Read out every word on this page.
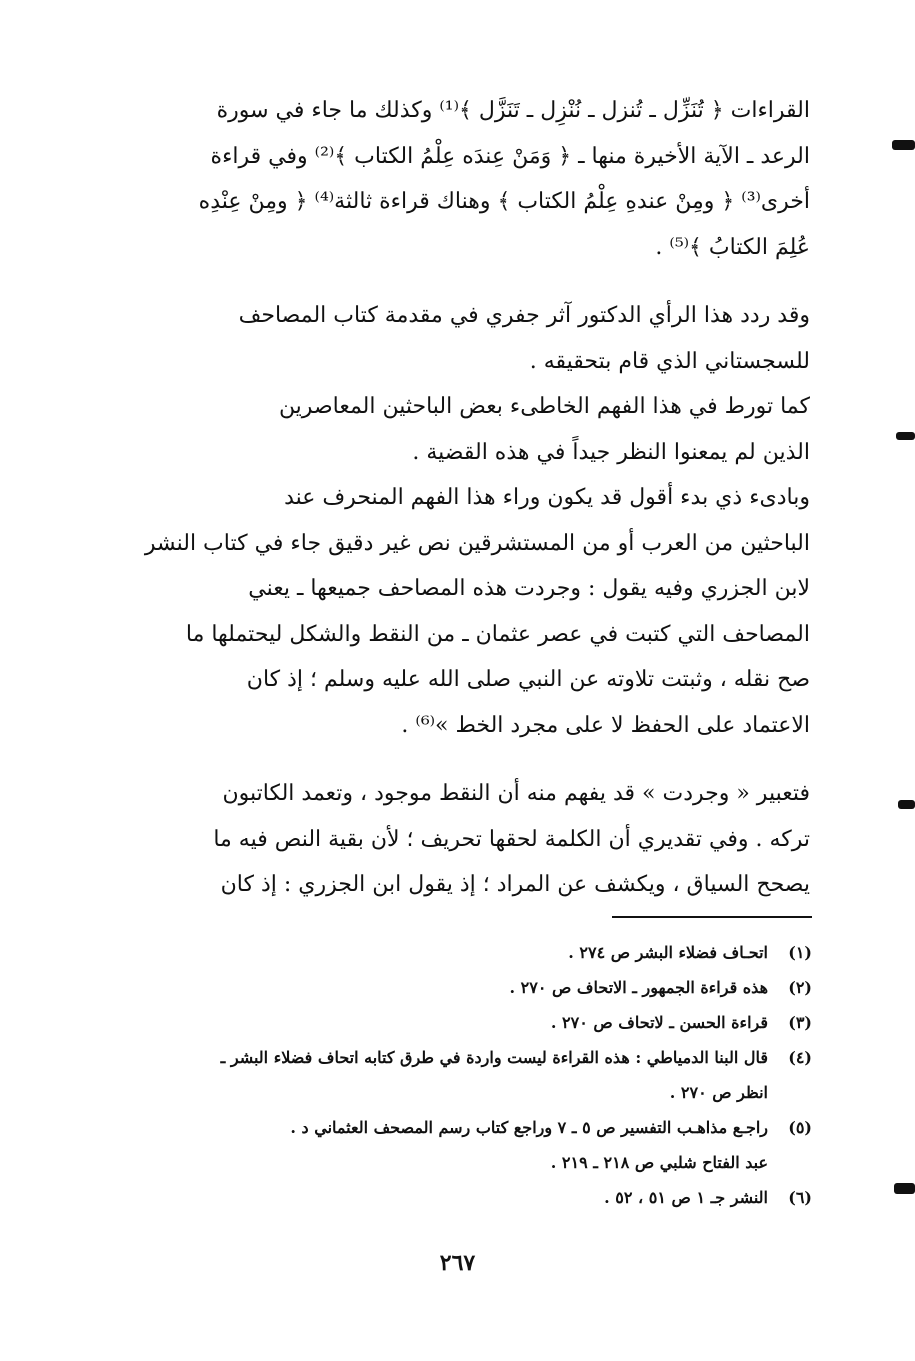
القراءات ﴿ تُنَزِّل ـ تُنزل ـ نُنْزِل ـ تَنَزَّل ﴾⁽¹⁾ وكذلك ما جاء في سورة
الرعد ـ الآية الأخيرة منها ـ ﴿ وَمَنْ عِندَه عِلْمُ الكتاب ﴾⁽²⁾ وفي قراءة
أخرى⁽³⁾ ﴿ ومِنْ عندهِ عِلْمُ الكتاب ﴾ وهناك قراءة ثالثة⁽⁴⁾ ﴿ ومِنْ عِنْدِه
عُلِمَ الكتابُ ﴾⁽⁵⁾ .
وقد ردد هذا الرأي الدكتور آثر جفري في مقدمة كتاب المصاحف
للسجستاني الذي قام بتحقيقه .
كما تورط في هذا الفهم الخاطىء بعض الباحثين المعاصرين
الذين لم يمعنوا النظر جيداً في هذه القضية .
وبادىء ذي بدء أقول قد يكون وراء هذا الفهم المنحرف عند
الباحثين من العرب أو من المستشرقين نص غير دقيق جاء في كتاب النشر
لابن الجزري وفيه يقول : وجردت هذه المصاحف جميعها ـ يعني
المصاحف التي كتبت في عصر عثمان ـ من النقط والشكل ليحتملها ما
صح نقله ، وثبتت تلاوته عن النبي صلى الله عليه وسلم ؛ إذ كان
الاعتماد على الحفظ لا على مجرد الخط »⁽⁶⁾ .
فتعبير « وجردت » قد يفهم منه أن النقط موجود ، وتعمد الكاتبون
تركه . وفي تقديري أن الكلمة لحقها تحريف ؛ لأن بقية النص فيه ما
يصحح السياق ، ويكشف عن المراد ؛ إذ يقول ابن الجزري : إذ كان
(١)
اتحـاف فضلاء البشر ص ٢٧٤ .
(٢)
هذه قراءة الجمهور ـ الاتحاف ص ٢٧٠ .
(٣)
قراءة الحسن ـ لاتحاف ص ٢٧٠ .
(٤)
قال البنا الدمياطي : هذه القراءة ليست واردة في طرق كتابه اتحاف فضلاء البشر ـ
انظر ص ٢٧٠ .
(٥)
راجـع مذاهـب التفسير ص ٥ ـ ٧ وراجع كتاب رسم المصحف العثماني د .
عبد الفتاح شلبي ص ٢١٨ ـ ٢١٩ .
(٦)
النشر جـ ١ ص ٥١ ، ٥٢ .
٢٦٧
